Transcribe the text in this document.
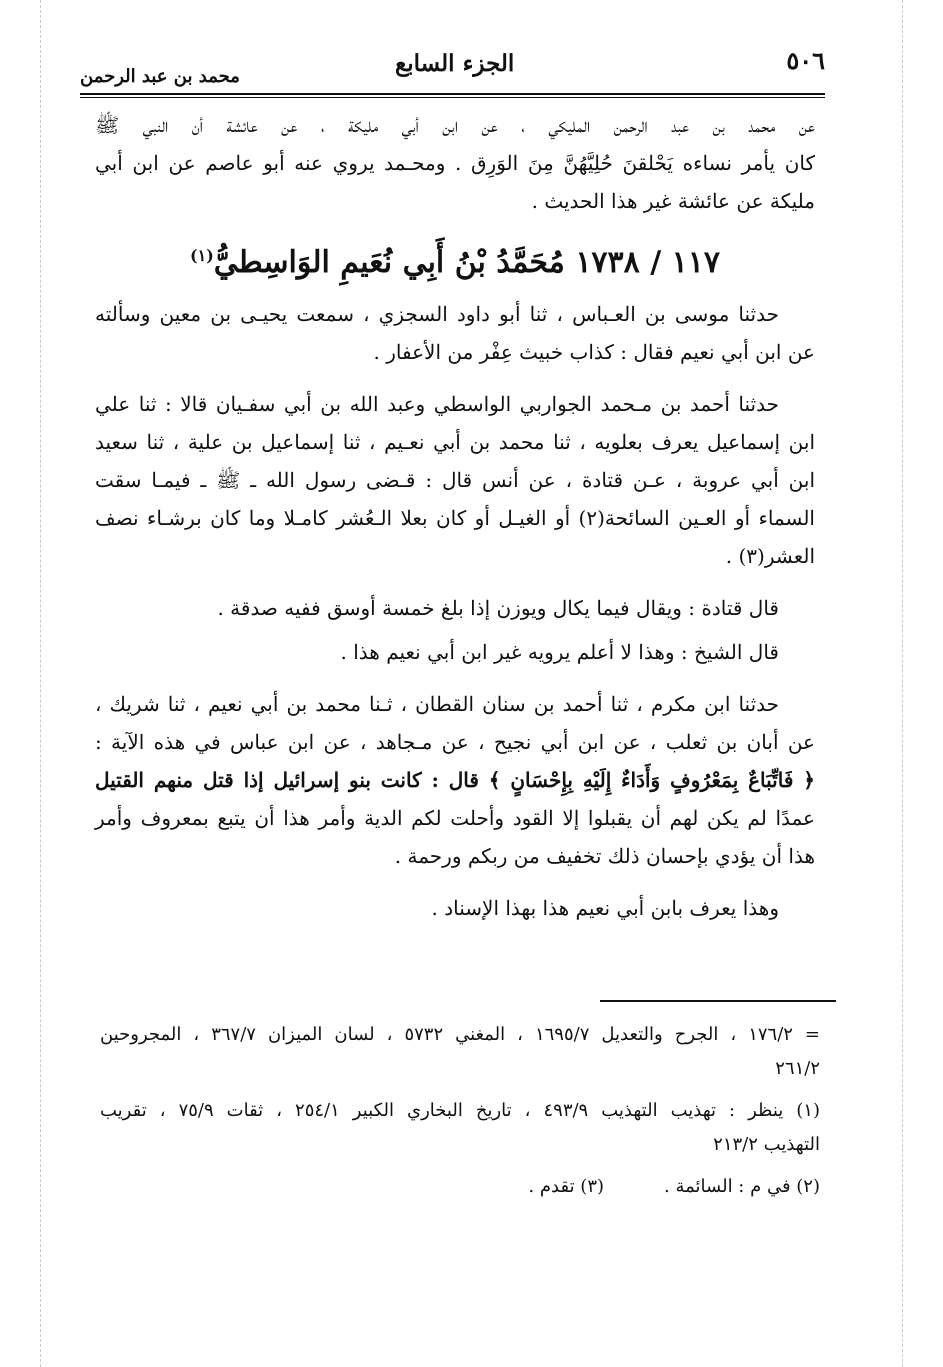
٥٠٦
الجزء السابع
محمد بن عبد الرحمن
عن محمد بن عبد الرحمن المليكي ، عن ابن أبي مليكة ، عن عائشة أن النبي ﷺ
كان يأمر نساءه يَحْلقنَ حُلِيَّهُنَّ مِنَ الوَرِق . ومحـمد يروي عنه أبو عاصم عن ابن أبي
مليكة عن عائشة غير هذا الحديث .
١١٧ / ١٧٣٨ مُحَمَّدُ بْنُ أَبِي نُعَيمِ الوَاسِطيُّ$^{(١)}$
حدثنا موسى بن العـباس ، ثنا أبو داود السجزي ، سمعت يحيـى بن معين وسألته
عن ابن أبي نعيم فقال : كذاب خبيث عِفْر من الأعفار .
حدثنا أحمد بن مـحمد الجواربي الواسطي وعبد الله بن أبي سفـيان قالا : ثنا علي
ابن إسماعيل يعرف بعلويه ، ثنا محمد بن أبي نعـيم ، ثنا إسماعيل بن علية ، ثنا سعيد
ابن أبي عروبة ، عـن قتادة ، عن أنس قال : قـضى رسول الله ـ ﷺ ـ فيمـا سقت
السماء أو العـين السائحة(٢) أو الغيـل أو كان بعلا الـعُشر كامـلا وما كان برشـاء نصف
العشر(٣) .
قال قتادة : ويقال فيما يكال ويوزن إذا بلغ خمسة أوسق ففيه صدقة .
قال الشيخ : وهذا لا أعلم يرويه غير ابن أبي نعيم هذا .
حدثنا ابن مكرم ، ثنا أحمد بن سنان القطان ، ثـنا محمد بن أبي نعيم ، ثنا شريك ،
عن أبان بن ثعلب ، عن ابن أبي نجيح ، عن مـجاهد ، عن ابن عباس في هذه الآية :
﴿ فَاتِّبَاعٌ بِمَعْرُوفٍ وَأَدَاءٌ إِلَيْهِ بِإِحْسَانٍ ﴾ قال : كانت بنو إسرائيل إذا قتل منهم القتيل
عمدًا لم يكن لهم أن يقبلوا إلا القود وأحلت لكم الدية وأمر هذا أن يتبع بمعروف وأمر
هذا أن يؤدي بإحسان ذلك تخفيف من ربكم ورحمة .
وهذا يعرف بابن أبي نعيم هذا بهذا الإسناد .
= ١٧٦/٢ ، الجرح والتعديل ١٦٩٥/٧ ، المغني ٥٧٣٢ ، لسان الميزان ٣٦٧/٧ ، المجروحين
٢٦١/٢
(١) ينظر : تهذيب التهذيب ٤٩٣/٩ ، تاريخ البخاري الكبير ٢٥٤/١ ، ثقات ٧٥/٩ ، تقريب
التهذيب ٢١٣/٢
(٢) في م : السائمة .
(٣) تقدم .
